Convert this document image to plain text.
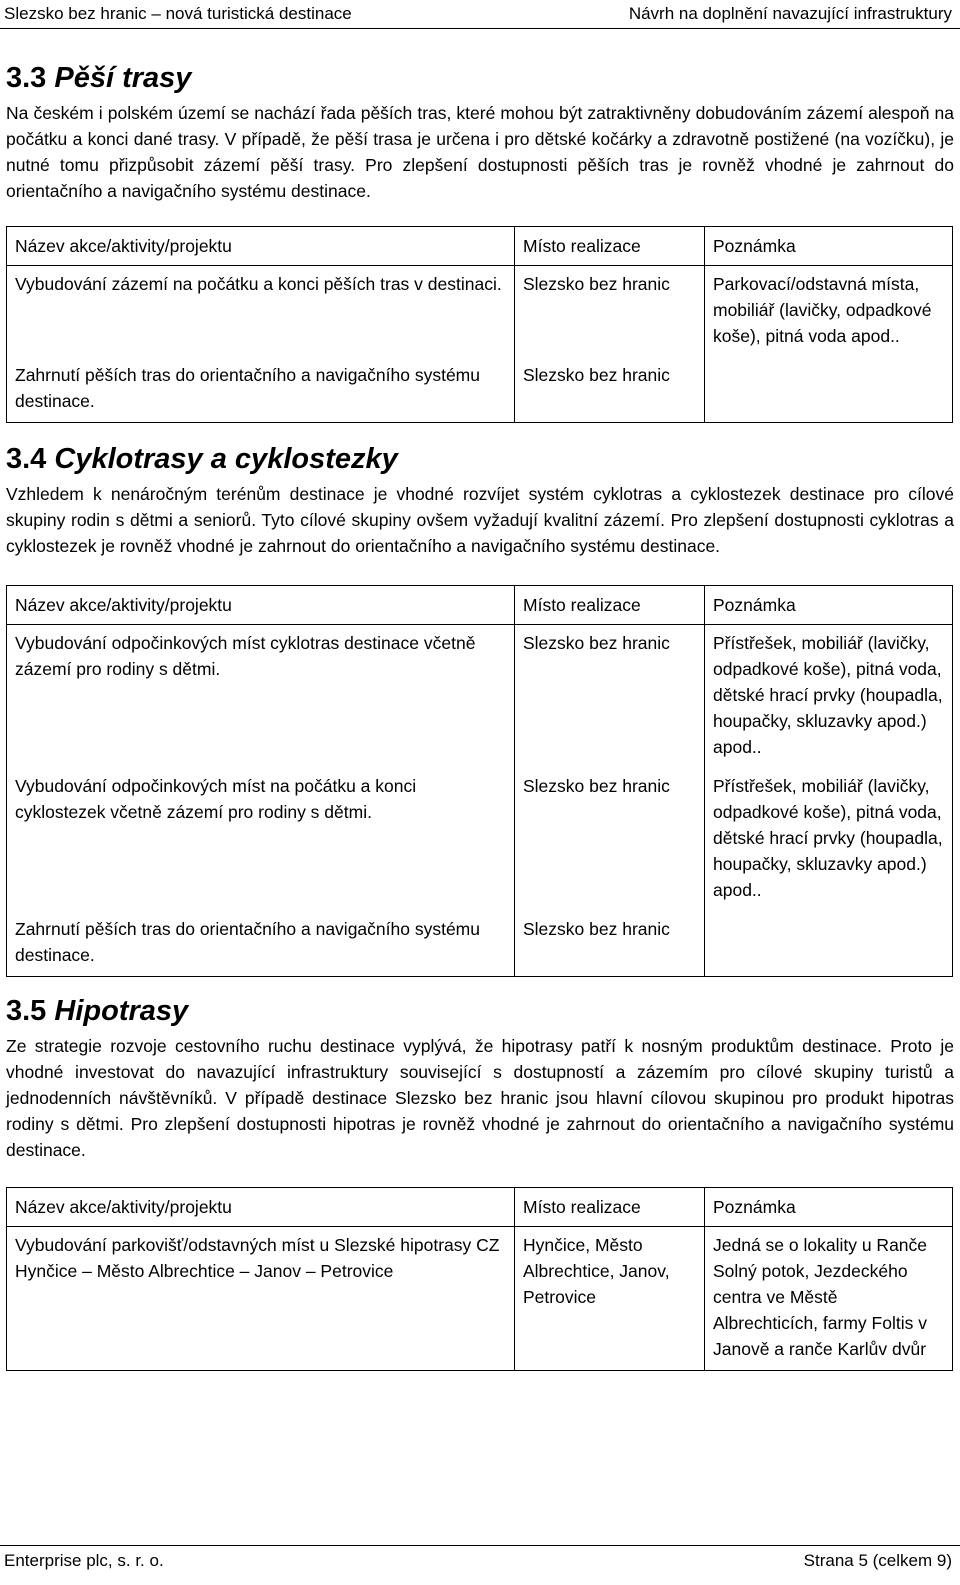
Slezsko bez hranic – nová turistická destinace	Návrh na doplnění navazující infrastruktury
3.3 Pěší trasy

Na českém i polském území se nachází řada pěších tras, které mohou být zatraktivněny dobudováním zázemí alespoň na počátku a konci dané trasy. V případě, že pěší trasa je určena i pro dětské kočárky a zdravotně postižené (na vozíčku), je nutné tomu přizpůsobit zázemí pěší trasy. Pro zlepšení dostupnosti pěších tras je rovněž vhodné je zahrnout do orientačního a navigačního systému destinace.

Název akce/aktivity/projektu	Místo realizace	Poznámka
Vybudování zázemí na počátku a konci pěších tras v destinaci.	Slezsko bez hranic	Parkovací/odstavná místa, mobiliář (lavičky, odpadkové koše), pitná voda apod..
Zahrnutí pěších tras do orientačního a navigačního systému destinace.	Slezsko bez hranic	
3.4 Cyklotrasy a cyklostezky

Vzhledem k nenáročným terénům destinace je vhodné rozvíjet systém cyklotras a cyklostezek destinace pro cílové skupiny rodin s dětmi a seniorů. Tyto cílové skupiny ovšem vyžadují kvalitní zázemí. Pro zlepšení dostupnosti cyklotras a cyklostezek je rovněž vhodné je zahrnout do orientačního a navigačního systému destinace.

Název akce/aktivity/projektu	Místo realizace	Poznámka
Vybudování odpočinkových míst cyklotras destinace včetně zázemí pro rodiny s dětmi.	Slezsko bez hranic	Přístřešek, mobiliář (lavičky, odpadkové koše), pitná voda, dětské hrací prvky (houpadla, houpačky, skluzavky apod.) apod..
Vybudování odpočinkových míst na počátku a konci cyklostezek včetně zázemí pro rodiny s dětmi.	Slezsko bez hranic	Přístřešek, mobiliář (lavičky, odpadkové koše), pitná voda, dětské hrací prvky (houpadla, houpačky, skluzavky apod.) apod..
Zahrnutí pěších tras do orientačního a navigačního systému destinace.	Slezsko bez hranic	
3.5 Hipotrasy

Ze strategie rozvoje cestovního ruchu destinace vyplývá, že hipotrasy patří k nosným produktům destinace. Proto je vhodné investovat do navazující infrastruktury související s dostupností a zázemím pro cílové skupiny turistů a jednodenních návštěvníků. V případě destinace Slezsko bez hranic jsou hlavní cílovou skupinou pro produkt hipotras rodiny s dětmi. Pro zlepšení dostupnosti hipotras je rovněž vhodné je zahrnout do orientačního a navigačního systému destinace.

Název akce/aktivity/projektu	Místo realizace	Poznámka
Vybudování parkovišť/odstavných míst u Slezské hipotrasy CZ Hynčice – Město Albrechtice – Janov – Petrovice	Hynčice, Město Albrechtice, Janov, Petrovice	Jedná se o lokality u Ranče Solný potok, Jezdeckého centra ve Městě Albrechticích, farmy Foltis v Janově a ranče Karlův dvůr
Enterprise plc, s. r. o.	Strana 5 (celkem 9)
